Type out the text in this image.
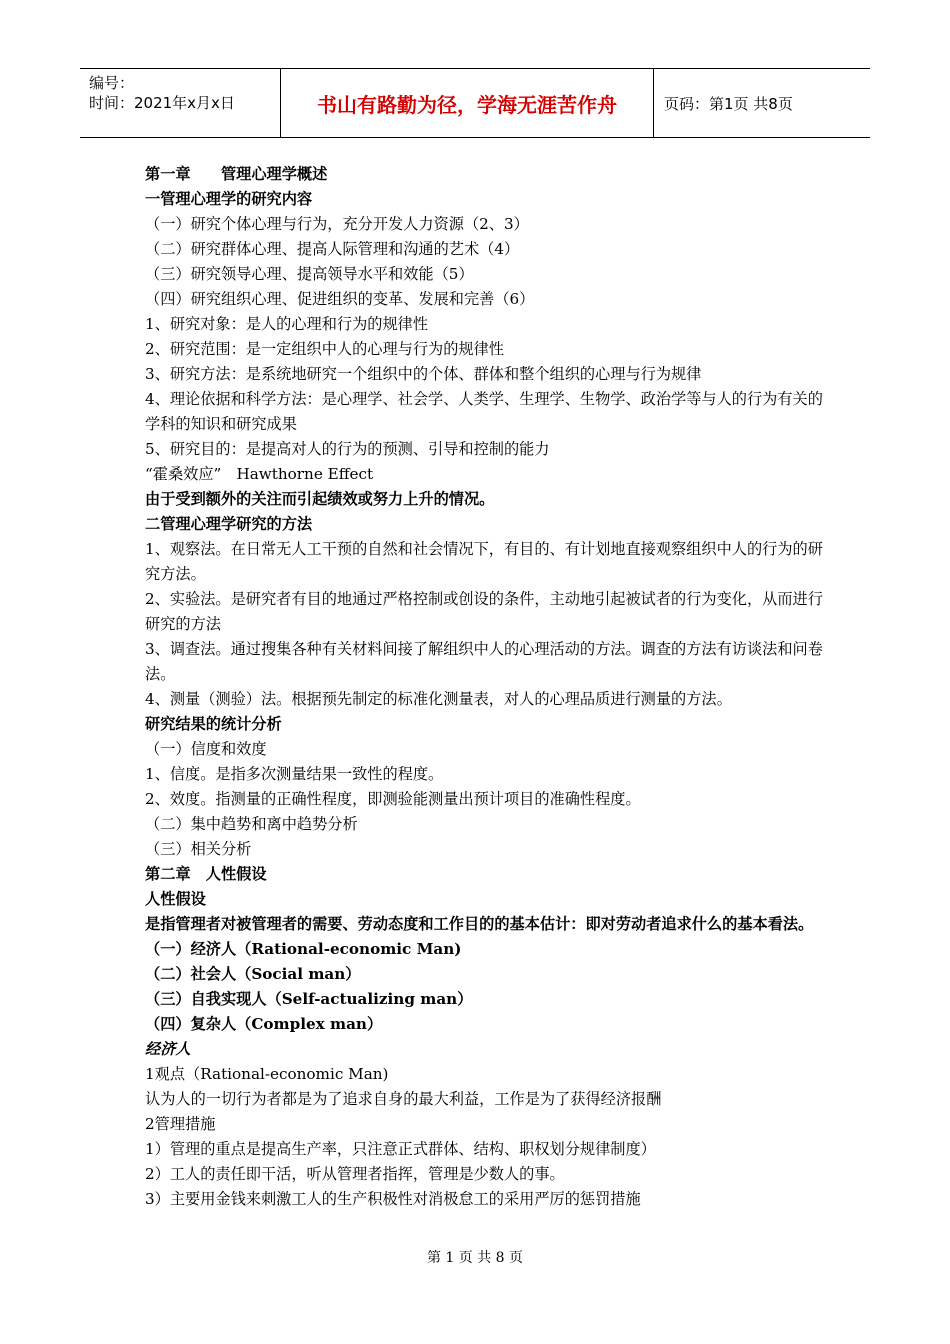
编号：
时间：2021年x月x日	书山有路勤为径，学海无涯苦作舟	页码：第1页 共8页
第一章　　管理心理学概述
一管理心理学的研究内容
（一）研究个体心理与行为，充分开发人力资源（2、3）
（二）研究群体心理、提高人际管理和沟通的艺术（4）
（三）研究领导心理、提高领导水平和效能（5）
（四）研究组织心理、促进组织的变革、发展和完善（6）
1、研究对象：是人的心理和行为的规律性
2、研究范围：是一定组织中人的心理与行为的规律性
3、研究方法：是系统地研究一个组织中的个体、群体和整个组织的心理与行为规律
4、理论依据和科学方法：是心理学、社会学、人类学、生理学、生物学、政治学等与人的行为有关的学科的知识和研究成果
5、研究目的：是提高对人的行为的预测、引导和控制的能力
“霍桑效应”　Hawthorne Effect
由于受到额外的关注而引起绩效或努力上升的情况。
二管理心理学研究的方法
1、观察法。在日常无人工干预的自然和社会情况下，有目的、有计划地直接观察组织中人的行为的研究方法。
2、实验法。是研究者有目的地通过严格控制或创设的条件，主动地引起被试者的行为变化，从而进行研究的方法
3、调查法。通过搜集各种有关材料间接了解组织中人的心理活动的方法。调查的方法有访谈法和问卷法。
4、测量（测验）法。根据预先制定的标准化测量表，对人的心理品质进行测量的方法。
研究结果的统计分析
（一）信度和效度
1、信度。是指多次测量结果一致性的程度。
2、效度。指测量的正确性程度，即测验能测量出预计项目的准确性程度。
（二）集中趋势和离中趋势分析
（三）相关分析
第二章　人性假设
人性假设
是指管理者对被管理者的需要、劳动态度和工作目的的基本估计：即对劳动者追求什么的基本看法。
（一）经济人（Rational-economic Man)
（二）社会人（Social man）
（三）自我实现人（Self-actualizing man）
（四）复杂人（Complex man）
经济人
1观点（Rational-economic Man)
认为人的一切行为者都是为了追求自身的最大利益，工作是为了获得经济报酬
2管理措施
1）管理的重点是提高生产率，只注意正式群体、结构、职权划分规律制度）
2）工人的责任即干活，听从管理者指挥，管理是少数人的事。
3）主要用金钱来刺激工人的生产积极性对消极怠工的采用严厉的惩罚措施
第 1 页 共 8 页
